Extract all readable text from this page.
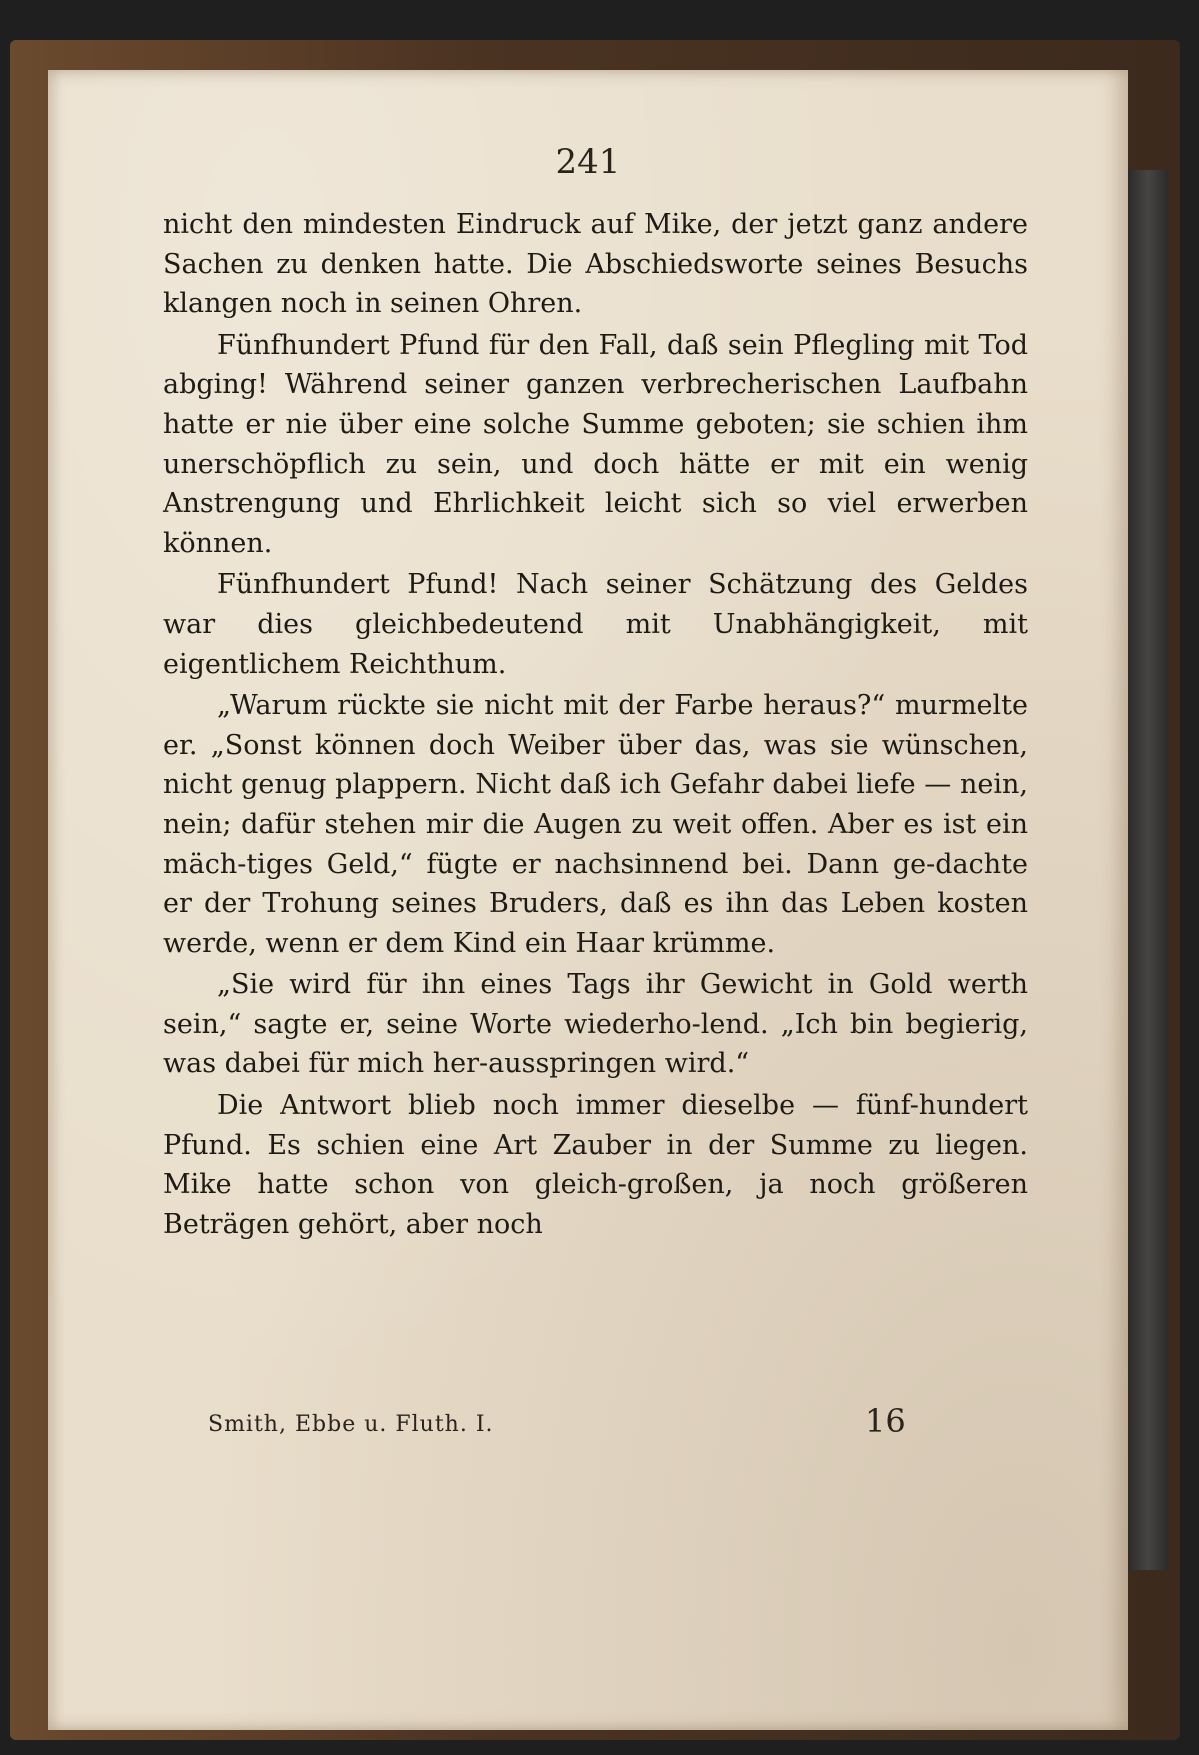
241

nicht den mindesten Eindruck auf Mike, der jetzt ganz andere Sachen zu denken hatte. Die Abschiedsworte seines Besuchs klangen noch in seinen Ohren.

Fünfhundert Pfund für den Fall, daß sein Pflegling mit Tod abging! Während seiner ganzen verbrecherischen Laufbahn hatte er nie über eine solche Summe geboten; sie schien ihm unerschöpflich zu sein, und doch hätte er mit ein wenig Anstrengung und Ehrlichkeit leicht sich so viel erwerben können.

Fünfhundert Pfund! Nach seiner Schätzung des Geldes war dies gleichbedeutend mit Unabhängigkeit, mit eigentlichem Reichthum.

„Warum rückte sie nicht mit der Farbe heraus?“ murmelte er. „Sonst können doch Weiber über das, was sie wünschen, nicht genug plappern. Nicht daß ich Gefahr dabei liefe — nein, nein; dafür stehen mir die Augen zu weit offen. Aber es ist ein mäch-tiges Geld,“ fügte er nachsinnend bei. Dann ge-dachte er der Trohung seines Bruders, daß es ihn das Leben kosten werde, wenn er dem Kind ein Haar krümme.

„Sie wird für ihn eines Tags ihr Gewicht in Gold werth sein,“ sagte er, seine Worte wiederho-lend. „Ich bin begierig, was dabei für mich her-ausspringen wird.“

Die Antwort blieb noch immer dieselbe — fünf-hundert Pfund. Es schien eine Art Zauber in der Summe zu liegen. Mike hatte schon von gleich-großen, ja noch größeren Beträgen gehört, aber noch

Smith, Ebbe u. Fluth. I.	16
